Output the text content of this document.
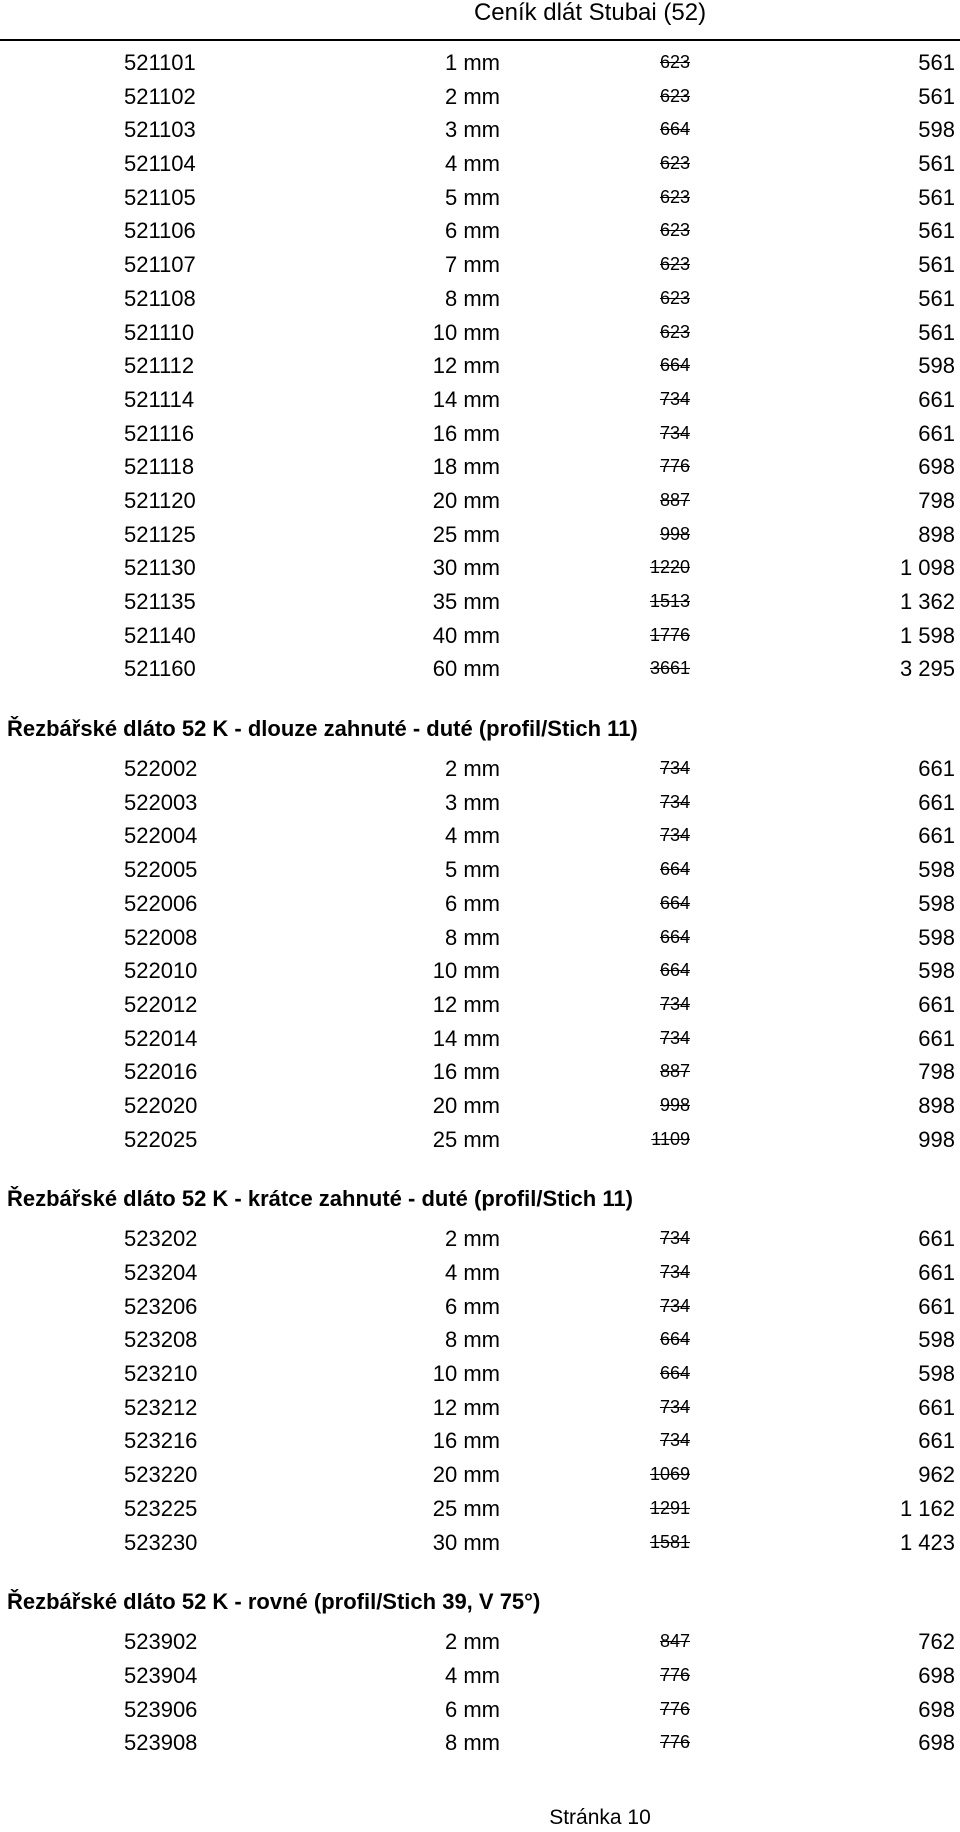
Ceník dlát Stubai (52)
521101	1 mm	623	561
521102	2 mm	623	561
521103	3 mm	664	598
521104	4 mm	623	561
521105	5 mm	623	561
521106	6 mm	623	561
521107	7 mm	623	561
521108	8 mm	623	561
521110	10 mm	623	561
521112	12 mm	664	598
521114	14 mm	734	661
521116	16 mm	734	661
521118	18 mm	776	698
521120	20 mm	887	798
521125	25 mm	998	898
521130	30 mm	1220	1 098
521135	35 mm	1513	1 362
521140	40 mm	1776	1 598
521160	60 mm	3661	3 295
Řezbářské dláto 52 K - dlouze zahnuté - duté (profil/Stich 11)
522002	2 mm	734	661
522003	3 mm	734	661
522004	4 mm	734	661
522005	5 mm	664	598
522006	6 mm	664	598
522008	8 mm	664	598
522010	10 mm	664	598
522012	12 mm	734	661
522014	14 mm	734	661
522016	16 mm	887	798
522020	20 mm	998	898
522025	25 mm	1109	998
Řezbářské dláto 52 K - krátce zahnuté - duté (profil/Stich 11)
523202	2 mm	734	661
523204	4 mm	734	661
523206	6 mm	734	661
523208	8 mm	664	598
523210	10 mm	664	598
523212	12 mm	734	661
523216	16 mm	734	661
523220	20 mm	1069	962
523225	25 mm	1291	1 162
523230	30 mm	1581	1 423
Řezbářské dláto 52 K - rovné (profil/Stich 39, V 75°)
523902	2 mm	847	762
523904	4 mm	776	698
523906	6 mm	776	698
523908	8 mm	776	698
Stránka 10
